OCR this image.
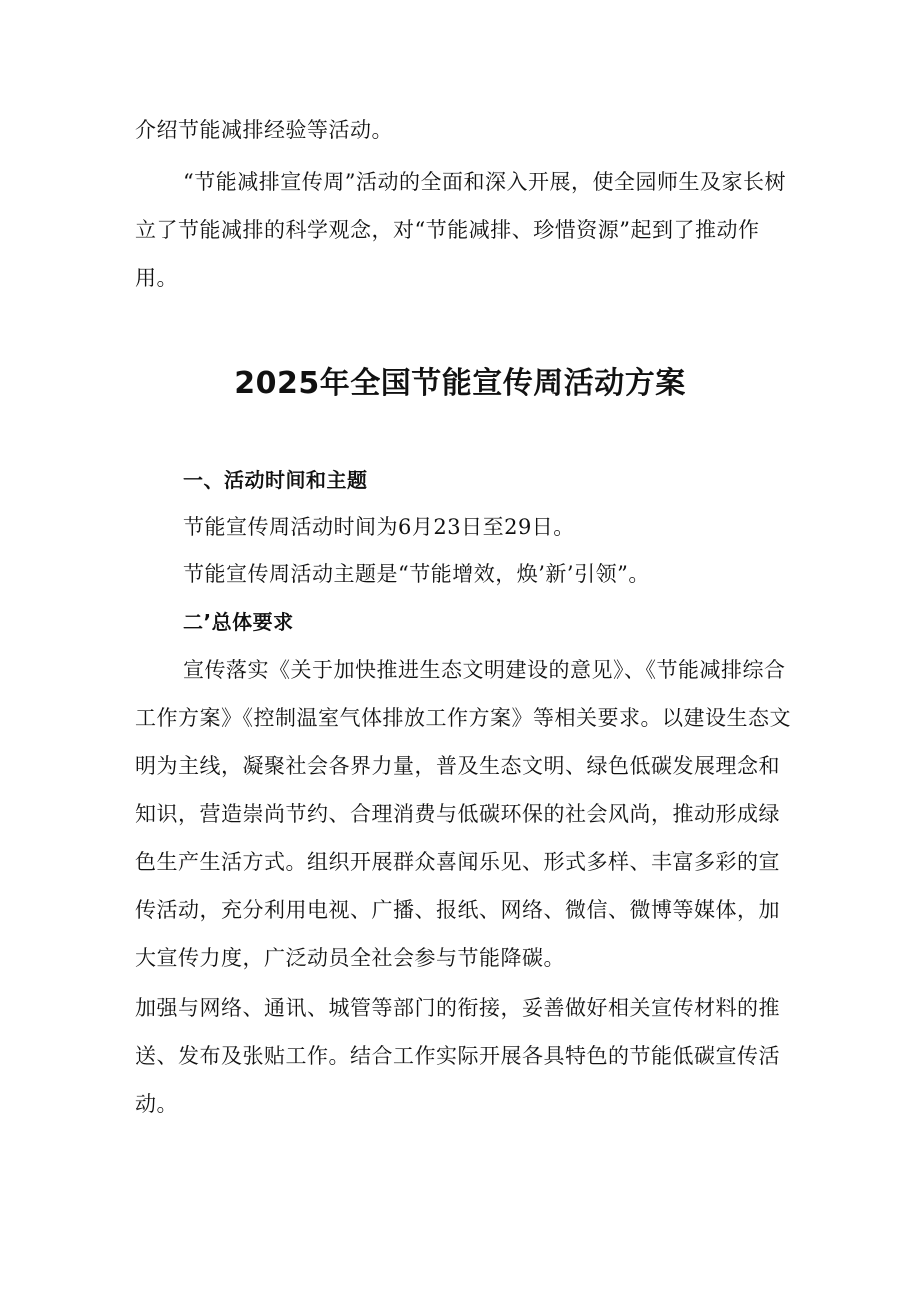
介绍节能减排经验等活动。

“节能减排宣传周”活动的全面和深入开展，使全园师生及家长树立了节能减排的科学观念，对“节能减排、珍惜资源”起到了推动作用。

2025年全国节能宣传周活动方案
一、活动时间和主题

节能宣传周活动时间为6月23日至29日。

节能宣传周活动主题是“节能增效，焕’新’引领”。

二’总体要求

宣传落实《关于加快推进生态文明建设的意见》、《节能减排综合工作方案》《控制温室气体排放工作方案》等相关要求。以建设生态文明为主线，凝聚社会各界力量，普及生态文明、绿色低碳发展理念和知识，营造崇尚节约、合理消费与低碳环保的社会风尚，推动形成绿色生产生活方式。组织开展群众喜闻乐见、形式多样、丰富多彩的宣传活动，充分利用电视、广播、报纸、网络、微信、微博等媒体，加大宣传力度，广泛动员全社会参与节能降碳。

加强与网络、通讯、城管等部门的衔接，妥善做好相关宣传材料的推送、发布及张贴工作。结合工作实际开展各具特色的节能低碳宣传活动。
